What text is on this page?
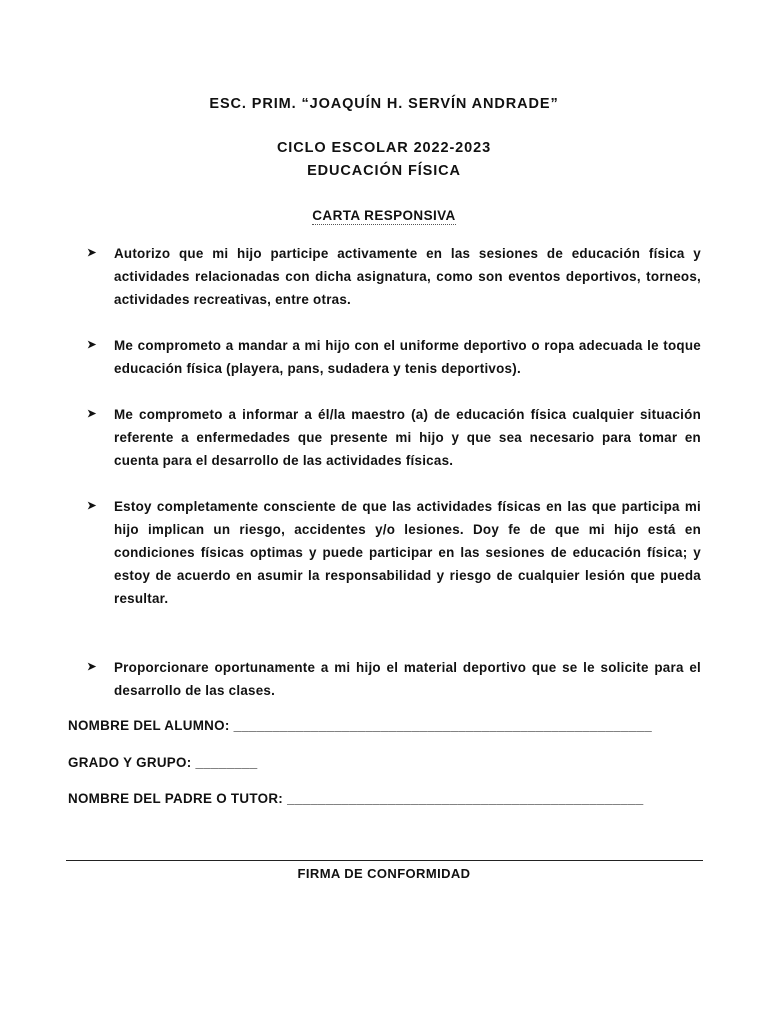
ESC. PRIM. “JOAQUÍN H. SERVÍN ANDRADE”
CICLO ESCOLAR 2022-2023
EDUCACIÓN FÍSICA
CARTA RESPONSIVA
➤ Autorizo que mi hijo participe activamente en las sesiones de educación física y actividades relacionadas con dicha asignatura, como son eventos deportivos, torneos, actividades recreativas, entre otras.
➤ Me comprometo a mandar a mi hijo con el uniforme deportivo o ropa adecuada le toque educación física (playera, pans, sudadera y tenis deportivos).
➤ Me comprometo a informar a él/la maestro (a) de educación física cualquier situación referente a enfermedades que presente mi hijo y que sea necesario para tomar en cuenta para el desarrollo de las actividades físicas.
➤ Estoy completamente consciente de que las actividades físicas en las que participa mi hijo implican un riesgo, accidentes y/o lesiones. Doy fe de que mi hijo está en condiciones físicas optimas y puede participar en las sesiones de educación física; y estoy de acuerdo en asumir la responsabilidad y riesgo de cualquier lesión que pueda resultar.
➤ Proporcionare oportunamente a mi hijo el material deportivo que se le solicite para el desarrollo de las clases.
NOMBRE DEL ALUMNO: ______________________________________________________
GRADO Y GRUPO: ________
NOMBRE DEL PADRE O TUTOR: ______________________________________________
FIRMA DE CONFORMIDAD
